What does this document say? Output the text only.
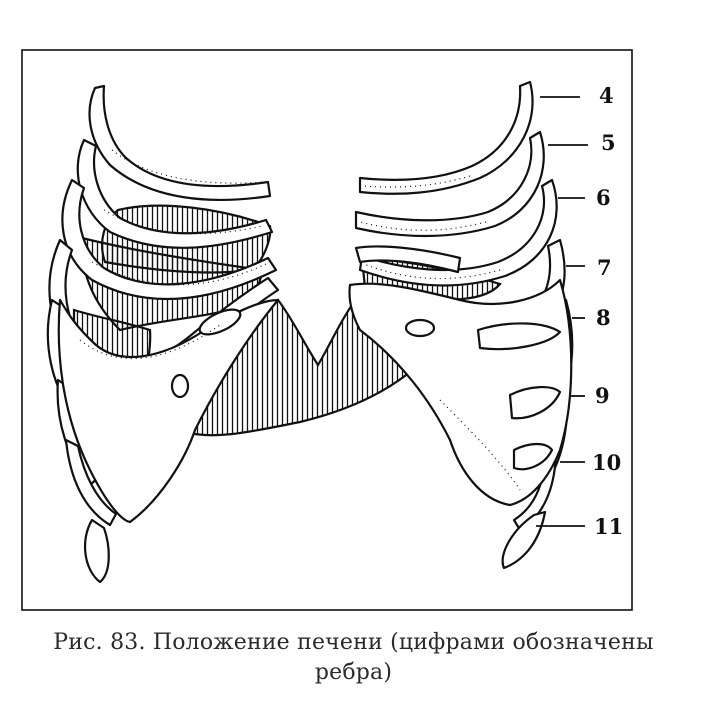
4
5
6
7
8
9
10
11
Рис. 83. Положение печени (цифрами обозначены
ребра)
